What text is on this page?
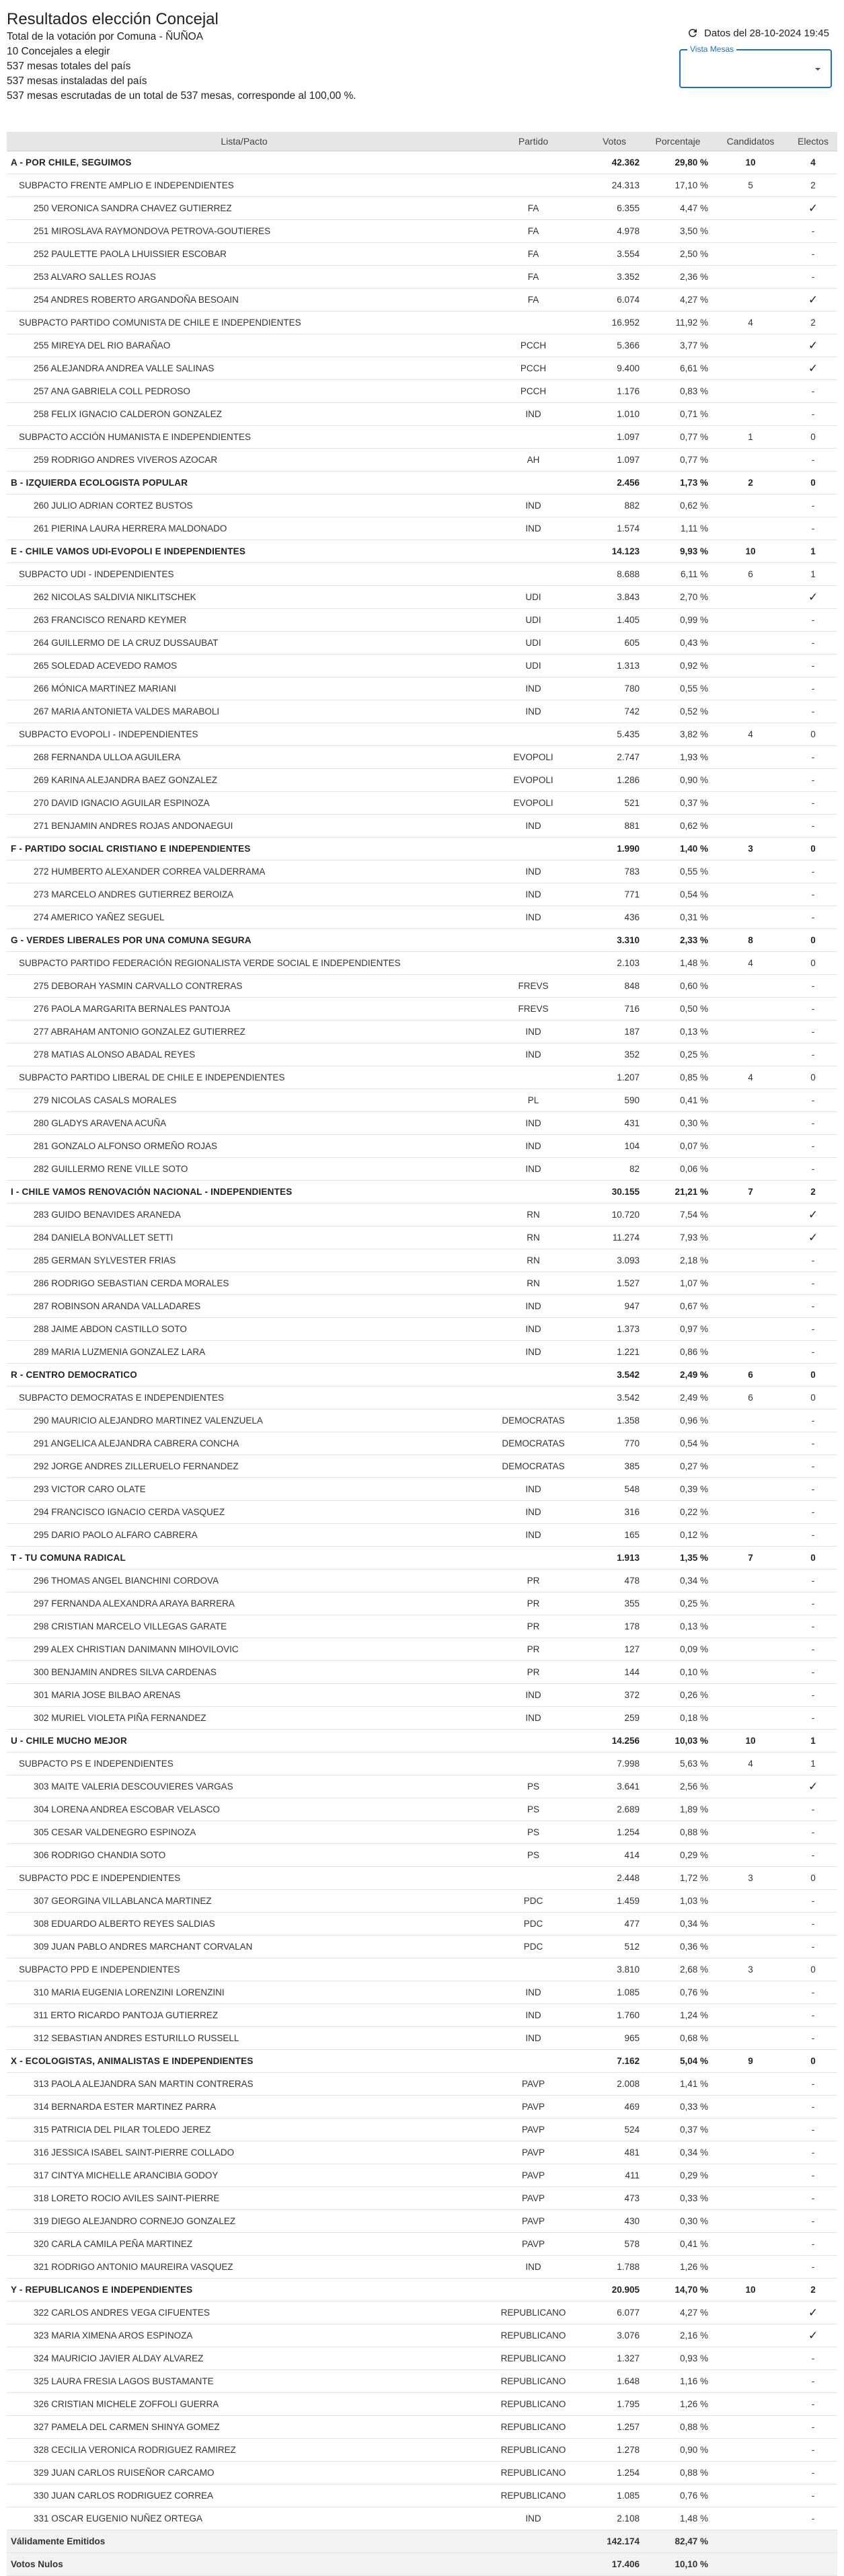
Resultados elección Concejal
Total de la votación por Comuna - ÑUÑOA
10 Concejales a elegir
537 mesas totales del país
537 mesas instaladas del país
537 mesas escrutadas de un total de 537 mesas, corresponde al 100,00 %.
Datos del 28-10-2024 19:45
Vista Mesas
Lista/Pacto	Partido	Votos	Porcentaje	Candidatos	Electos
A - POR CHILE, SEGUIMOS		42.362	29,80 %	10	4
SUBPACTO FRENTE AMPLIO E INDEPENDIENTES		24.313	17,10 %	5	2
250 VERONICA SANDRA CHAVEZ GUTIERREZ	FA	6.355	4,47 %		✓
251 MIROSLAVA RAYMONDOVA PETROVA-GOUTIERES	FA	4.978	3,50 %		-
252 PAULETTE PAOLA LHUISSIER ESCOBAR	FA	3.554	2,50 %		-
253 ALVARO SALLES ROJAS	FA	3.352	2,36 %		-
254 ANDRES ROBERTO ARGANDOÑA BESOAIN	FA	6.074	4,27 %		✓
SUBPACTO PARTIDO COMUNISTA DE CHILE E INDEPENDIENTES		16.952	11,92 %	4	2
255 MIREYA DEL RIO BARAÑAO	PCCH	5.366	3,77 %		✓
256 ALEJANDRA ANDREA VALLE SALINAS	PCCH	9.400	6,61 %		✓
257 ANA GABRIELA COLL PEDROSO	PCCH	1.176	0,83 %		-
258 FELIX IGNACIO CALDERON GONZALEZ	IND	1.010	0,71 %		-
SUBPACTO ACCIÓN HUMANISTA E INDEPENDIENTES		1.097	0,77 %	1	0
259 RODRIGO ANDRES VIVEROS AZOCAR	AH	1.097	0,77 %		-
B - IZQUIERDA ECOLOGISTA POPULAR		2.456	1,73 %	2	0
260 JULIO ADRIAN CORTEZ BUSTOS	IND	882	0,62 %		-
261 PIERINA LAURA HERRERA MALDONADO	IND	1.574	1,11 %		-
E - CHILE VAMOS UDI-EVOPOLI E INDEPENDIENTES		14.123	9,93 %	10	1
SUBPACTO UDI - INDEPENDIENTES		8.688	6,11 %	6	1
262 NICOLAS SALDIVIA NIKLITSCHEK	UDI	3.843	2,70 %		✓
263 FRANCISCO RENARD KEYMER	UDI	1.405	0,99 %		-
264 GUILLERMO DE LA CRUZ DUSSAUBAT	UDI	605	0,43 %		-
265 SOLEDAD ACEVEDO RAMOS	UDI	1.313	0,92 %		-
266 MÓNICA MARTINEZ MARIANI	IND	780	0,55 %		-
267 MARIA ANTONIETA VALDES MARABOLI	IND	742	0,52 %		-
SUBPACTO EVOPOLI - INDEPENDIENTES		5.435	3,82 %	4	0
268 FERNANDA ULLOA AGUILERA	EVOPOLI	2.747	1,93 %		-
269 KARINA ALEJANDRA BAEZ GONZALEZ	EVOPOLI	1.286	0,90 %		-
270 DAVID IGNACIO AGUILAR ESPINOZA	EVOPOLI	521	0,37 %		-
271 BENJAMIN ANDRES ROJAS ANDONAEGUI	IND	881	0,62 %		-
F - PARTIDO SOCIAL CRISTIANO E INDEPENDIENTES		1.990	1,40 %	3	0
272 HUMBERTO ALEXANDER CORREA VALDERRAMA	IND	783	0,55 %		-
273 MARCELO ANDRES GUTIERREZ BEROIZA	IND	771	0,54 %		-
274 AMERICO YAÑEZ SEGUEL	IND	436	0,31 %		-
G - VERDES LIBERALES POR UNA COMUNA SEGURA		3.310	2,33 %	8	0
SUBPACTO PARTIDO FEDERACIÓN REGIONALISTA VERDE SOCIAL E INDEPENDIENTES		2.103	1,48 %	4	0
275 DEBORAH YASMIN CARVALLO CONTRERAS	FREVS	848	0,60 %		-
276 PAOLA MARGARITA BERNALES PANTOJA	FREVS	716	0,50 %		-
277 ABRAHAM ANTONIO GONZALEZ GUTIERREZ	IND	187	0,13 %		-
278 MATIAS ALONSO ABADAL REYES	IND	352	0,25 %		-
SUBPACTO PARTIDO LIBERAL DE CHILE E INDEPENDIENTES		1.207	0,85 %	4	0
279 NICOLAS CASALS MORALES	PL	590	0,41 %		-
280 GLADYS ARAVENA ACUÑA	IND	431	0,30 %		-
281 GONZALO ALFONSO ORMEÑO ROJAS	IND	104	0,07 %		-
282 GUILLERMO RENE VILLE SOTO	IND	82	0,06 %		-
I - CHILE VAMOS RENOVACIÓN NACIONAL - INDEPENDIENTES		30.155	21,21 %	7	2
283 GUIDO BENAVIDES ARANEDA	RN	10.720	7,54 %		✓
284 DANIELA BONVALLET SETTI	RN	11.274	7,93 %		✓
285 GERMAN SYLVESTER FRIAS	RN	3.093	2,18 %		-
286 RODRIGO SEBASTIAN CERDA MORALES	RN	1.527	1,07 %		-
287 ROBINSON ARANDA VALLADARES	IND	947	0,67 %		-
288 JAIME ABDON CASTILLO SOTO	IND	1.373	0,97 %		-
289 MARIA LUZMENIA GONZALEZ LARA	IND	1.221	0,86 %		-
R - CENTRO DEMOCRATICO		3.542	2,49 %	6	0
SUBPACTO DEMOCRATAS E INDEPENDIENTES		3.542	2,49 %	6	0
290 MAURICIO ALEJANDRO MARTINEZ VALENZUELA	DEMOCRATAS	1.358	0,96 %		-
291 ANGELICA ALEJANDRA CABRERA CONCHA	DEMOCRATAS	770	0,54 %		-
292 JORGE ANDRES ZILLERUELO FERNANDEZ	DEMOCRATAS	385	0,27 %		-
293 VICTOR CARO OLATE	IND	548	0,39 %		-
294 FRANCISCO IGNACIO CERDA VASQUEZ	IND	316	0,22 %		-
295 DARIO PAOLO ALFARO CABRERA	IND	165	0,12 %		-
T - TU COMUNA RADICAL		1.913	1,35 %	7	0
296 THOMAS ANGEL BIANCHINI CORDOVA	PR	478	0,34 %		-
297 FERNANDA ALEXANDRA ARAYA BARRERA	PR	355	0,25 %		-
298 CRISTIAN MARCELO VILLEGAS GARATE	PR	178	0,13 %		-
299 ALEX CHRISTIAN DANIMANN MIHOVILOVIC	PR	127	0,09 %		-
300 BENJAMIN ANDRES SILVA CARDENAS	PR	144	0,10 %		-
301 MARIA JOSE BILBAO ARENAS	IND	372	0,26 %		-
302 MURIEL VIOLETA PIÑA FERNANDEZ	IND	259	0,18 %		-
U - CHILE MUCHO MEJOR		14.256	10,03 %	10	1
SUBPACTO PS E INDEPENDIENTES		7.998	5,63 %	4	1
303 MAITE VALERIA DESCOUVIERES VARGAS	PS	3.641	2,56 %		✓
304 LORENA ANDREA ESCOBAR VELASCO	PS	2.689	1,89 %		-
305 CESAR VALDENEGRO ESPINOZA	PS	1.254	0,88 %		-
306 RODRIGO CHANDIA SOTO	PS	414	0,29 %		-
SUBPACTO PDC E INDEPENDIENTES		2.448	1,72 %	3	0
307 GEORGINA VILLABLANCA MARTINEZ	PDC	1.459	1,03 %		-
308 EDUARDO ALBERTO REYES SALDIAS	PDC	477	0,34 %		-
309 JUAN PABLO ANDRES MARCHANT CORVALAN	PDC	512	0,36 %		-
SUBPACTO PPD E INDEPENDIENTES		3.810	2,68 %	3	0
310 MARIA EUGENIA LORENZINI LORENZINI	IND	1.085	0,76 %		-
311 ERTO RICARDO PANTOJA GUTIERREZ	IND	1.760	1,24 %		-
312 SEBASTIAN ANDRES ESTURILLO RUSSELL	IND	965	0,68 %		-
X - ECOLOGISTAS, ANIMALISTAS E INDEPENDIENTES		7.162	5,04 %	9	0
313 PAOLA ALEJANDRA SAN MARTIN CONTRERAS	PAVP	2.008	1,41 %		-
314 BERNARDA ESTER MARTINEZ PARRA	PAVP	469	0,33 %		-
315 PATRICIA DEL PILAR TOLEDO JEREZ	PAVP	524	0,37 %		-
316 JESSICA ISABEL SAINT-PIERRE COLLADO	PAVP	481	0,34 %		-
317 CINTYA MICHELLE ARANCIBIA GODOY	PAVP	411	0,29 %		-
318 LORETO ROCIO AVILES SAINT-PIERRE	PAVP	473	0,33 %		-
319 DIEGO ALEJANDRO CORNEJO GONZALEZ	PAVP	430	0,30 %		-
320 CARLA CAMILA PEÑA MARTINEZ	PAVP	578	0,41 %		-
321 RODRIGO ANTONIO MAUREIRA VASQUEZ	IND	1.788	1,26 %		-
Y - REPUBLICANOS E INDEPENDIENTES		20.905	14,70 %	10	2
322 CARLOS ANDRES VEGA CIFUENTES	REPUBLICANO	6.077	4,27 %		✓
323 MARIA XIMENA AROS ESPINOZA	REPUBLICANO	3.076	2,16 %		✓
324 MAURICIO JAVIER ALDAY ALVAREZ	REPUBLICANO	1.327	0,93 %		-
325 LAURA FRESIA LAGOS BUSTAMANTE	REPUBLICANO	1.648	1,16 %		-
326 CRISTIAN MICHELE ZOFFOLI GUERRA	REPUBLICANO	1.795	1,26 %		-
327 PAMELA DEL CARMEN SHINYA GOMEZ	REPUBLICANO	1.257	0,88 %		-
328 CECILIA VERONICA RODRIGUEZ RAMIREZ	REPUBLICANO	1.278	0,90 %		-
329 JUAN CARLOS RUISEÑOR CARCAMO	REPUBLICANO	1.254	0,88 %		-
330 JUAN CARLOS RODRIGUEZ CORREA	REPUBLICANO	1.085	0,76 %		-
331 OSCAR EUGENIO NUÑEZ ORTEGA	IND	2.108	1,48 %		-
Válidamente Emitidos		142.174	82,47 %		
Votos Nulos		17.406	10,10 %		
